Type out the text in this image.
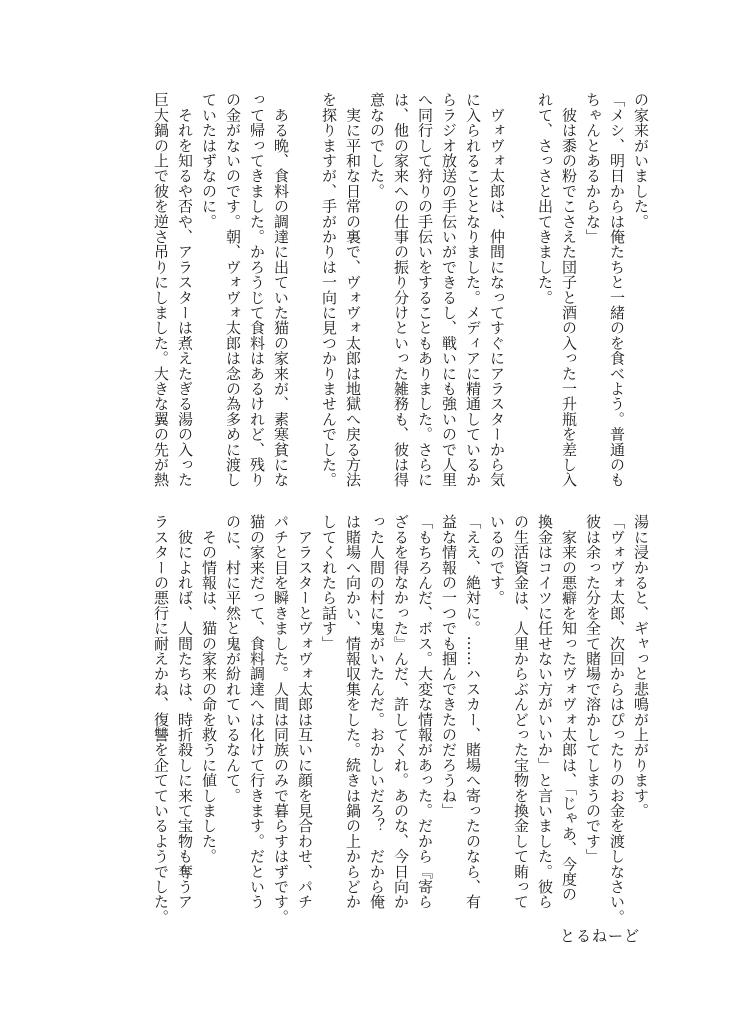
の家来がいました。
「メシ、明日からは俺たちと一緒のを食べよう。普通のも
ちゃんとあるからな」
　彼は黍の粉でこさえた団子と酒の入った一升瓶を差し入
れて、さっさと出てきました。

　ヴォヴォ太郎は、仲間になってすぐにアラスターから気
に入られることとなりました。メディアに精通しているか
らラジオ放送の手伝いができるし、戦いにも強いので人里
へ同行して狩りの手伝いをすることもありました。さらに
は、他の家来への仕事の振り分けといった雑務も、彼は得
意なのでした。
　実に平和な日常の裏で、ヴォヴォ太郎は地獄へ戻る方法
を探りますが、手がかりは一向に見つかりませんでした。

　ある晩、食料の調達に出ていた猫の家来が、素寒貧にな
って帰ってきました。かろうじて食料はあるけれど、残り
の金がないのです。朝、ヴォヴォ太郎は念の為多めに渡し
ていたはずなのに。
　それを知るや否や、アラスターは煮えたぎる湯の入った
巨大鍋の上で彼を逆さ吊りにしました。大きな翼の先が熱
湯に浸かると、ギャっと悲鳴が上がります。
「ヴォヴォ太郎、次回からはぴったりのお金を渡しなさい。
彼は余った分を全て賭場で溶かしてしまうのです」
　家来の悪癖を知ったヴォヴォ太郎は、「じゃあ、今度の
換金はコイツに任せない方がいいか」と言いました。彼ら
の生活資金は、人里からぶんどった宝物を換金して賄って
いるのです。
「ええ、絶対に。……ハスカー、賭場へ寄ったのなら、有
益な情報の一つでも掴んできたのだろうね」
「もちろんだ、ボス。大変な情報があった。だから『寄ら
ざるを得なかった』んだ、許してくれ。あのな、今日向か
った人間の村に鬼がいたんだ。おかしいだろ？　だから俺
は賭場へ向かい、情報収集をした。続きは鍋の上からどか
してくれたら話す」
　アラスターとヴォヴォ太郎は互いに顔を見合わせ、パチ
パチと目を瞬きました。人間は同族のみで暮らすはずです。
猫の家来だって、食料調達へは化けて行きます。だという
のに、村に平然と鬼が紛れているなんて。
　その情報は、猫の家来の命を救うに値しました。
　彼によれば、人間たちは、時折殺しに来て宝物も奪うア
ラスターの悪行に耐えかね、復讐を企てているようでした。
とるねーど
